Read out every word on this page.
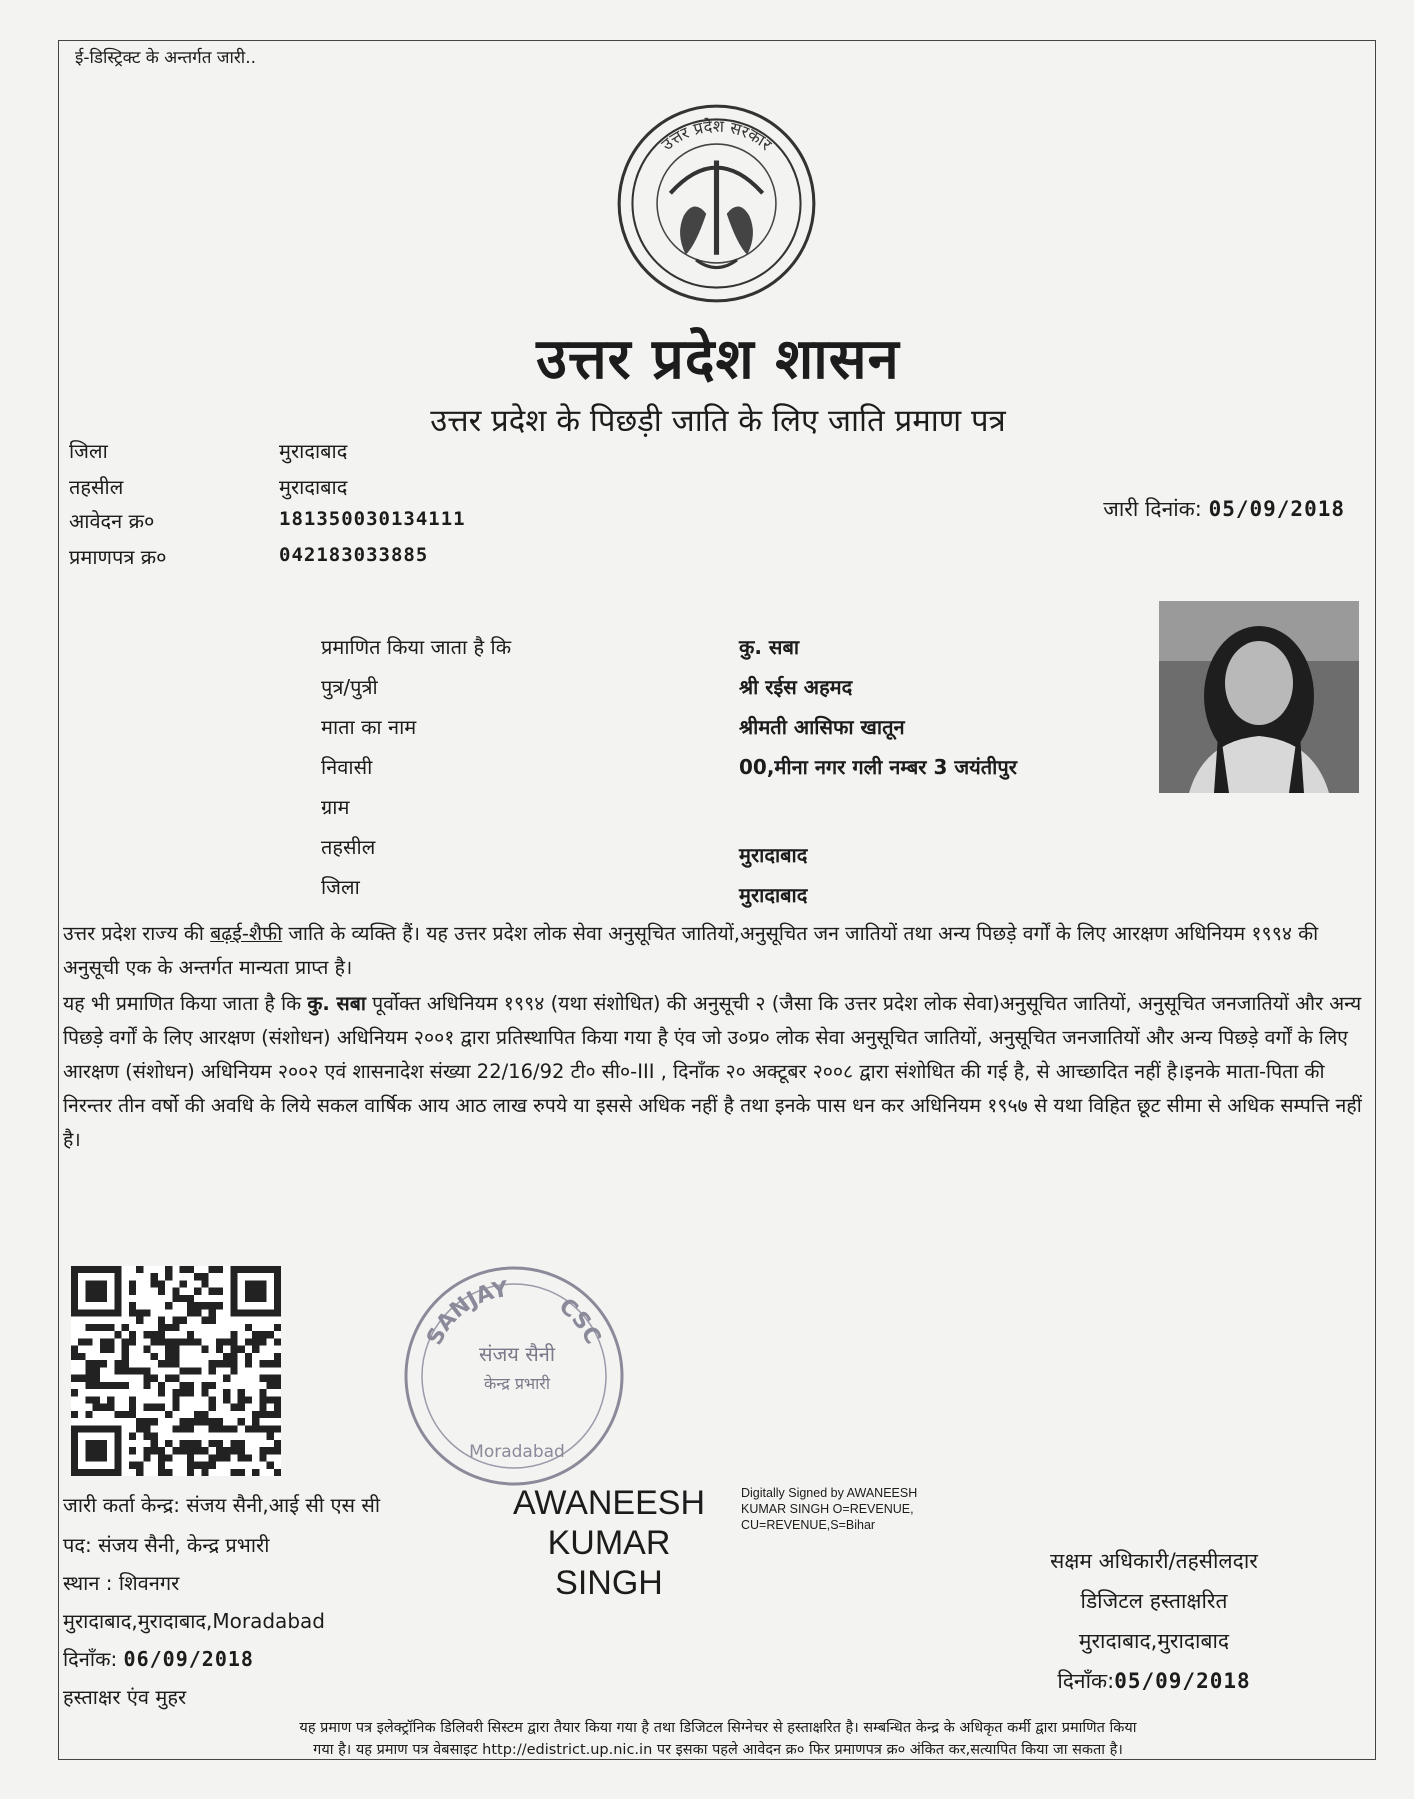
ई-डिस्ट्रिक्ट के अन्तर्गत जारी..
उत्तर प्रदेश सरकार
उत्तर प्रदेश शासन
उत्तर प्रदेश के पिछड़ी जाति के लिए जाति प्रमाण पत्र
जिला	मुरादाबाद
तहसील	मुरादाबाद
आवेदन क्र०	181350030134111
प्रमाणपत्र क्र०	042183033885
जारी दिनांक: 05/09/2018
प्रमाणित किया जाता है कि	कु. सबा
पुत्र/पुत्री	श्री रईस अहमद
माता का नाम	श्रीमती आसिफा खातून
निवासी	00,मीना नगर गली नम्बर 3 जयंतीपुर
ग्राम
तहसील	मुरादाबाद
जिला	मुरादाबाद
उत्तर प्रदेश राज्य की बढ़ई-शैफी जाति के व्यक्ति हैं। यह उत्तर प्रदेश लोक सेवा अनुसूचित जातियों,अनुसूचित जन जातियों तथा अन्य पिछड़े वर्गों के लिए आरक्षण अधिनियम १९९४ की अनुसूची एक के अन्तर्गत मान्यता प्राप्त है।
यह भी प्रमाणित किया जाता है कि कु. सबा पूर्वोक्त अधिनियम १९९४ (यथा संशोधित) की अनुसूची २ (जैसा कि उत्तर प्रदेश लोक सेवा)अनुसूचित जातियों, अनुसूचित जनजातियों और अन्य पिछड़े वर्गों के लिए आरक्षण (संशोधन) अधिनियम २००१ द्वारा प्रतिस्थापित किया गया है एंव जो उ०प्र० लोक सेवा अनुसूचित जातियों, अनुसूचित जनजातियों और अन्य पिछड़े वर्गों के लिए आरक्षण (संशोधन) अधिनियम २००२ एवं शासनादेश संख्या 22/16/92 टी० सी०-III , दिनाँक २० अक्टूबर २००८ द्वारा संशोधित की गई है, से आच्छादित नहीं है।इनके माता-पिता की निरन्तर तीन वर्षो की अवधि के लिये सकल वार्षिक आय आठ लाख रुपये या इससे अधिक नहीं है तथा इनके पास धन कर अधिनियम १९५७ से यथा विहित छूट सीमा से अधिक सम्पत्ति नहीं है।
SANJAY
CSC
संजय सैनी
केन्द्र प्रभारी
Moradabad
जारी कर्ता केन्द्र: संजय सैनी,आई सी एस सी
पद: संजय सैनी, केन्द्र प्रभारी
स्थान : शिवनगर
मुरादाबाद,मुरादाबाद,Moradabad
दिनाँक: 06/09/2018
हस्ताक्षर एंव मुहर
AWANEESH KUMAR SINGH
Digitally Signed by AWANEESH KUMAR SINGH O=REVENUE, CU=REVENUE,S=Bihar
सक्षम अधिकारी/तहसीलदार
डिजिटल हस्ताक्षरित
मुरादाबाद,मुरादाबाद
दिनाँक:05/09/2018
यह प्रमाण पत्र इलेक्ट्रॉनिक डिलिवरी सिस्टम द्वारा तैयार किया गया है तथा डिजिटल सिग्नेचर से हस्ताक्षरित है। सम्बन्धित केन्द्र के अधिकृत कर्मी द्वारा प्रमाणित किया
गया है। यह प्रमाण पत्र वेबसाइट http://edistrict.up.nic.in पर इसका पहले आवेदन क्र० फिर प्रमाणपत्र क्र० अंकित कर,सत्यापित किया जा सकता है।
